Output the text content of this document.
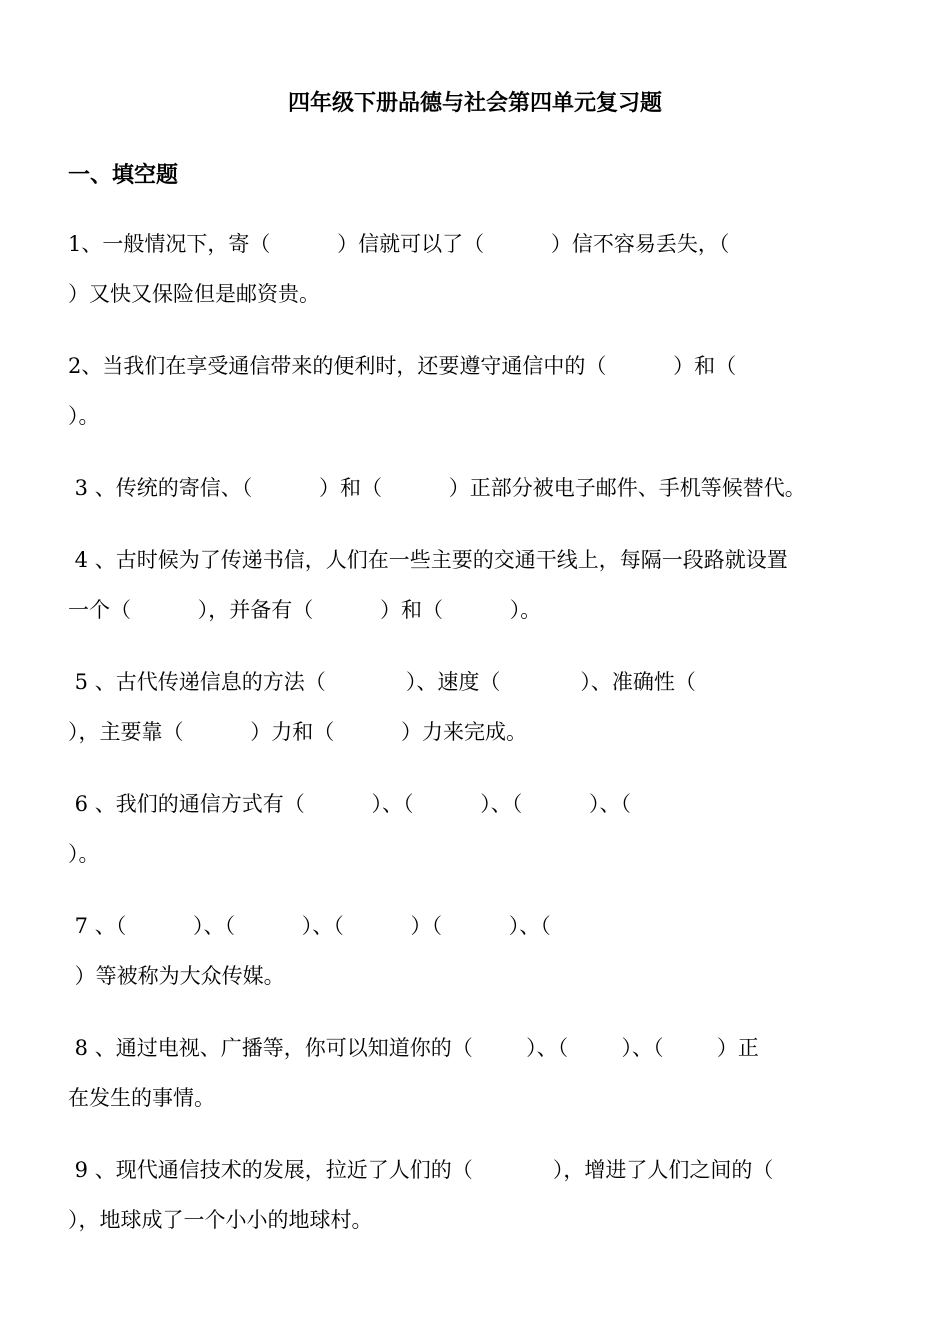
四年级下册品德与社会第四单元复习题
一、填空题
1、一般情况下，寄（          ）信就可以了（          ）信不容易丢失，（
）又快又保险但是邮资贵。
2、当我们在享受通信带来的便利时，还要遵守通信中的（          ）和（
）。
3 、传统的寄信、（          ）和（          ）正部分被电子邮件、手机等候替代。
4 、古时候为了传递书信，人们在一些主要的交通干线上，每隔一段路就设置
一个（          ），并备有（          ）和（          ）。
5 、古代传递信息的方法（            ）、速度（            ）、准确性（
），主要靠（          ）力和（          ）力来完成。
6 、我们的通信方式有（          ）、（          ）、（          ）、（
）。
7 、（          ）、（          ）、（          ）（          ）、（
）等被称为大众传媒。
8 、通过电视、广播等，你可以知道你的（        ）、（        ）、（        ）正
在发生的事情。
9 、现代通信技术的发展，拉近了人们的（            ），增进了人们之间的（
），地球成了一个小小的地球村。
